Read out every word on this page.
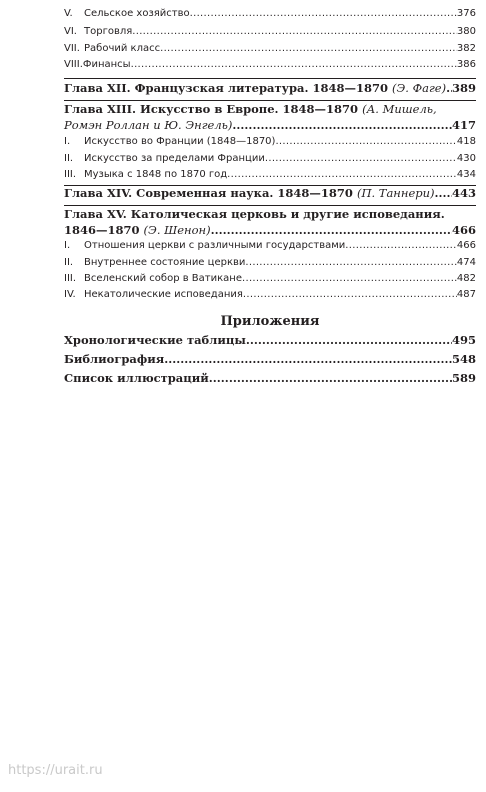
V.	Сельское хозяйство .....	376
VI. Торговля .....	380
VII. Рабочий класс .....	382
VIII. Финансы .....	386
Глава XII. Французская литература. 1848—1870
(Э. Фаге) ..... 389
Глава XIII. Искусство в Европе. 1848—1870 (А. Мишель,
Ромэн Роллан и Ю. Энгель) .....	417
I.	Искусство во Франции (1848—1870) .....	418
II.	Искусство за пределами Франции .....	430
III. Музыка с 1848 по 1870 год .....	434
Глава XIV. Современная наука. 1848—1870
(П. Таннери) ..... 443
Глава XV. Католическая церковь и другие исповедания.
1846—1870
(Э. Шенон) .....	466
I.	Отношения церкви с различными государствами .....	466
II.	Внутреннее состояние церкви .....	474
III. Вселенский собор в Ватикане .....	482
IV. Некатолические исповедания .....	487
Приложения
Хронологические таблицы .....	495
Библиография .....	548
Список иллюстраций .....	589
https://urait.ru
